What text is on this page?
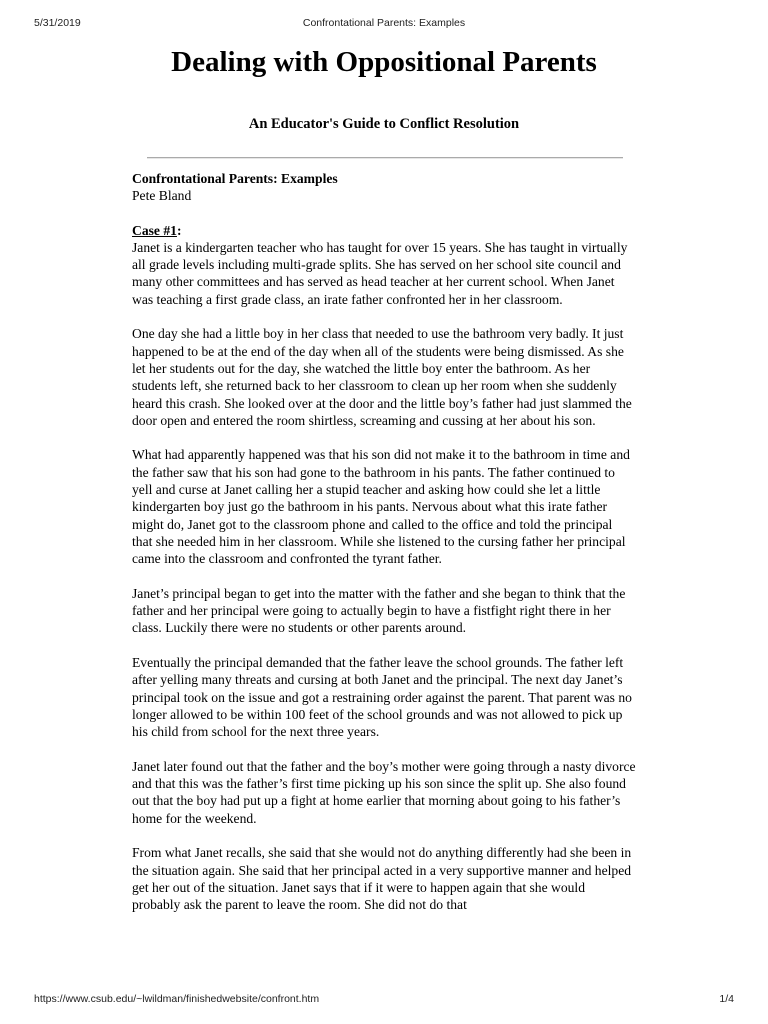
5/31/2019	Confrontational Parents: Examples
Dealing with Oppositional Parents
An Educator's Guide to Conflict Resolution

Confrontational Parents: Examples

Pete Bland

Case #1:

Janet is a kindergarten teacher who has taught for over 15 years. She has taught in virtually all grade levels including multi-grade splits. She has served on her school site council and many other committees and has served as head teacher at her current school. When Janet was teaching a first grade class, an irate father confronted her in her classroom.

One day she had a little boy in her class that needed to use the bathroom very badly. It just happened to be at the end of the day when all of the students were being dismissed. As she let her students out for the day, she watched the little boy enter the bathroom. As her students left, she returned back to her classroom to clean up her room when she suddenly heard this crash. She looked over at the door and the little boy’s father had just slammed the door open and entered the room shirtless, screaming and cussing at her about his son.

What had apparently happened was that his son did not make it to the bathroom in time and the father saw that his son had gone to the bathroom in his pants. The father continued to yell and curse at Janet calling her a stupid teacher and asking how could she let a little kindergarten boy just go the bathroom in his pants. Nervous about what this irate father might do, Janet got to the classroom phone and called to the office and told the principal that she needed him in her classroom. While she listened to the cursing father her principal came into the classroom and confronted the tyrant father.

Janet’s principal began to get into the matter with the father and she began to think that the father and her principal were going to actually begin to have a fistfight right there in her class. Luckily there were no students or other parents around.

Eventually the principal demanded that the father leave the school grounds. The father left after yelling many threats and cursing at both Janet and the principal. The next day Janet’s principal took on the issue and got a restraining order against the parent. That parent was no longer allowed to be within 100 feet of the school grounds and was not allowed to pick up his child from school for the next three years.

Janet later found out that the father and the boy’s mother were going through a nasty divorce and that this was the father’s first time picking up his son since the split up. She also found out that the boy had put up a fight at home earlier that morning about going to his father’s home for the weekend.

From what Janet recalls, she said that she would not do anything differently had she been in the situation again. She said that her principal acted in a very supportive manner and helped get her out of the situation. Janet says that if it were to happen again that she would probably ask the parent to leave the room. She did not do that

https://www.csub.edu/~lwildman/finishedwebsite/confront.htm	1/4
